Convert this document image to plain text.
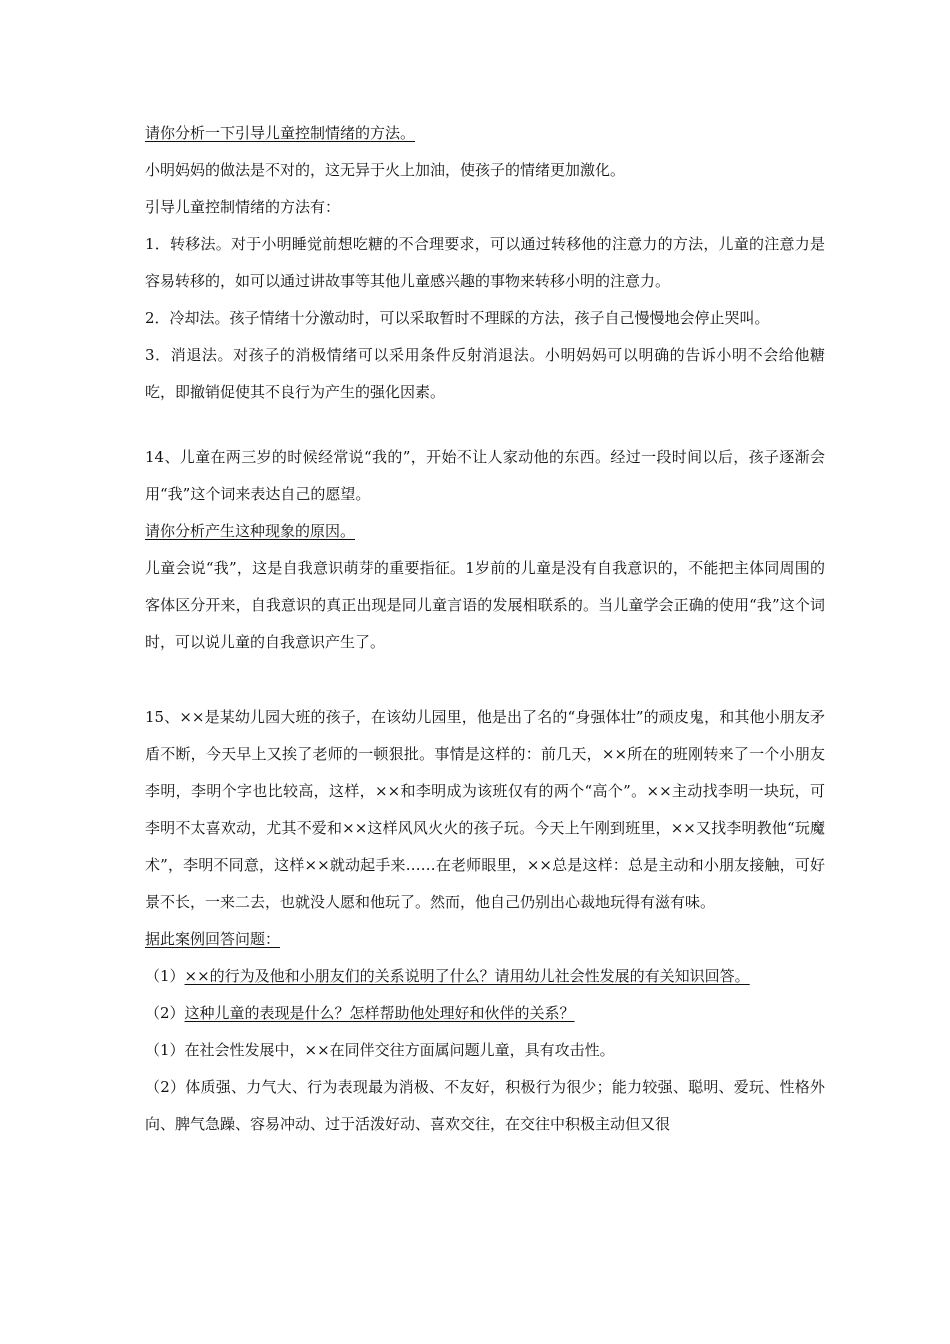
请你分析一下引导儿童控制情绪的方法。

小明妈妈的做法是不对的，这无异于火上加油，使孩子的情绪更加激化。

引导儿童控制情绪的方法有：

1．转移法。对于小明睡觉前想吃糖的不合理要求，可以通过转移他的注意力的方法，儿童的注意力是容易转移的，如可以通过讲故事等其他儿童感兴趣的事物来转移小明的注意力。

2．冷却法。孩子情绪十分激动时，可以采取暂时不理睬的方法，孩子自己慢慢地会停止哭叫。

3．消退法。对孩子的消极情绪可以采用条件反射消退法。小明妈妈可以明确的告诉小明不会给他糖吃，即撤销促使其不良行为产生的强化因素。

14、儿童在两三岁的时候经常说“我的”，开始不让人家动他的东西。经过一段时间以后，孩子逐渐会用“我”这个词来表达自己的愿望。

请你分析产生这种现象的原因。

儿童会说“我”，这是自我意识萌芽的重要指征。1岁前的儿童是没有自我意识的，不能把主体同周围的客体区分开来，自我意识的真正出现是同儿童言语的发展相联系的。当儿童学会正确的使用“我”这个词时，可以说儿童的自我意识产生了。

15、××是某幼儿园大班的孩子，在该幼儿园里，他是出了名的“身强体壮”的顽皮鬼，和其他小朋友矛盾不断，今天早上又挨了老师的一顿狠批。事情是这样的：前几天，××所在的班刚转来了一个小朋友李明，李明个字也比较高，这样，××和李明成为该班仅有的两个“高个”。××主动找李明一块玩，可李明不太喜欢动，尤其不爱和××这样风风火火的孩子玩。今天上午刚到班里，××又找李明教他“玩魔术”，李明不同意，这样××就动起手来……在老师眼里，××总是这样：总是主动和小朋友接触，可好景不长，一来二去，也就没人愿和他玩了。然而，他自己仍别出心裁地玩得有滋有味。

据此案例回答问题：

（1）××的行为及他和小朋友们的关系说明了什么？请用幼儿社会性发展的有关知识回答。

（2）这种儿童的表现是什么？怎样帮助他处理好和伙伴的关系？

（1）在社会性发展中，××在同伴交往方面属问题儿童，具有攻击性。

（2）体质强、力气大、行为表现最为消极、不友好，积极行为很少；能力较强、聪明、爱玩、性格外向、脾气急躁、容易冲动、过于活泼好动、喜欢交往，在交往中积极主动但又很
